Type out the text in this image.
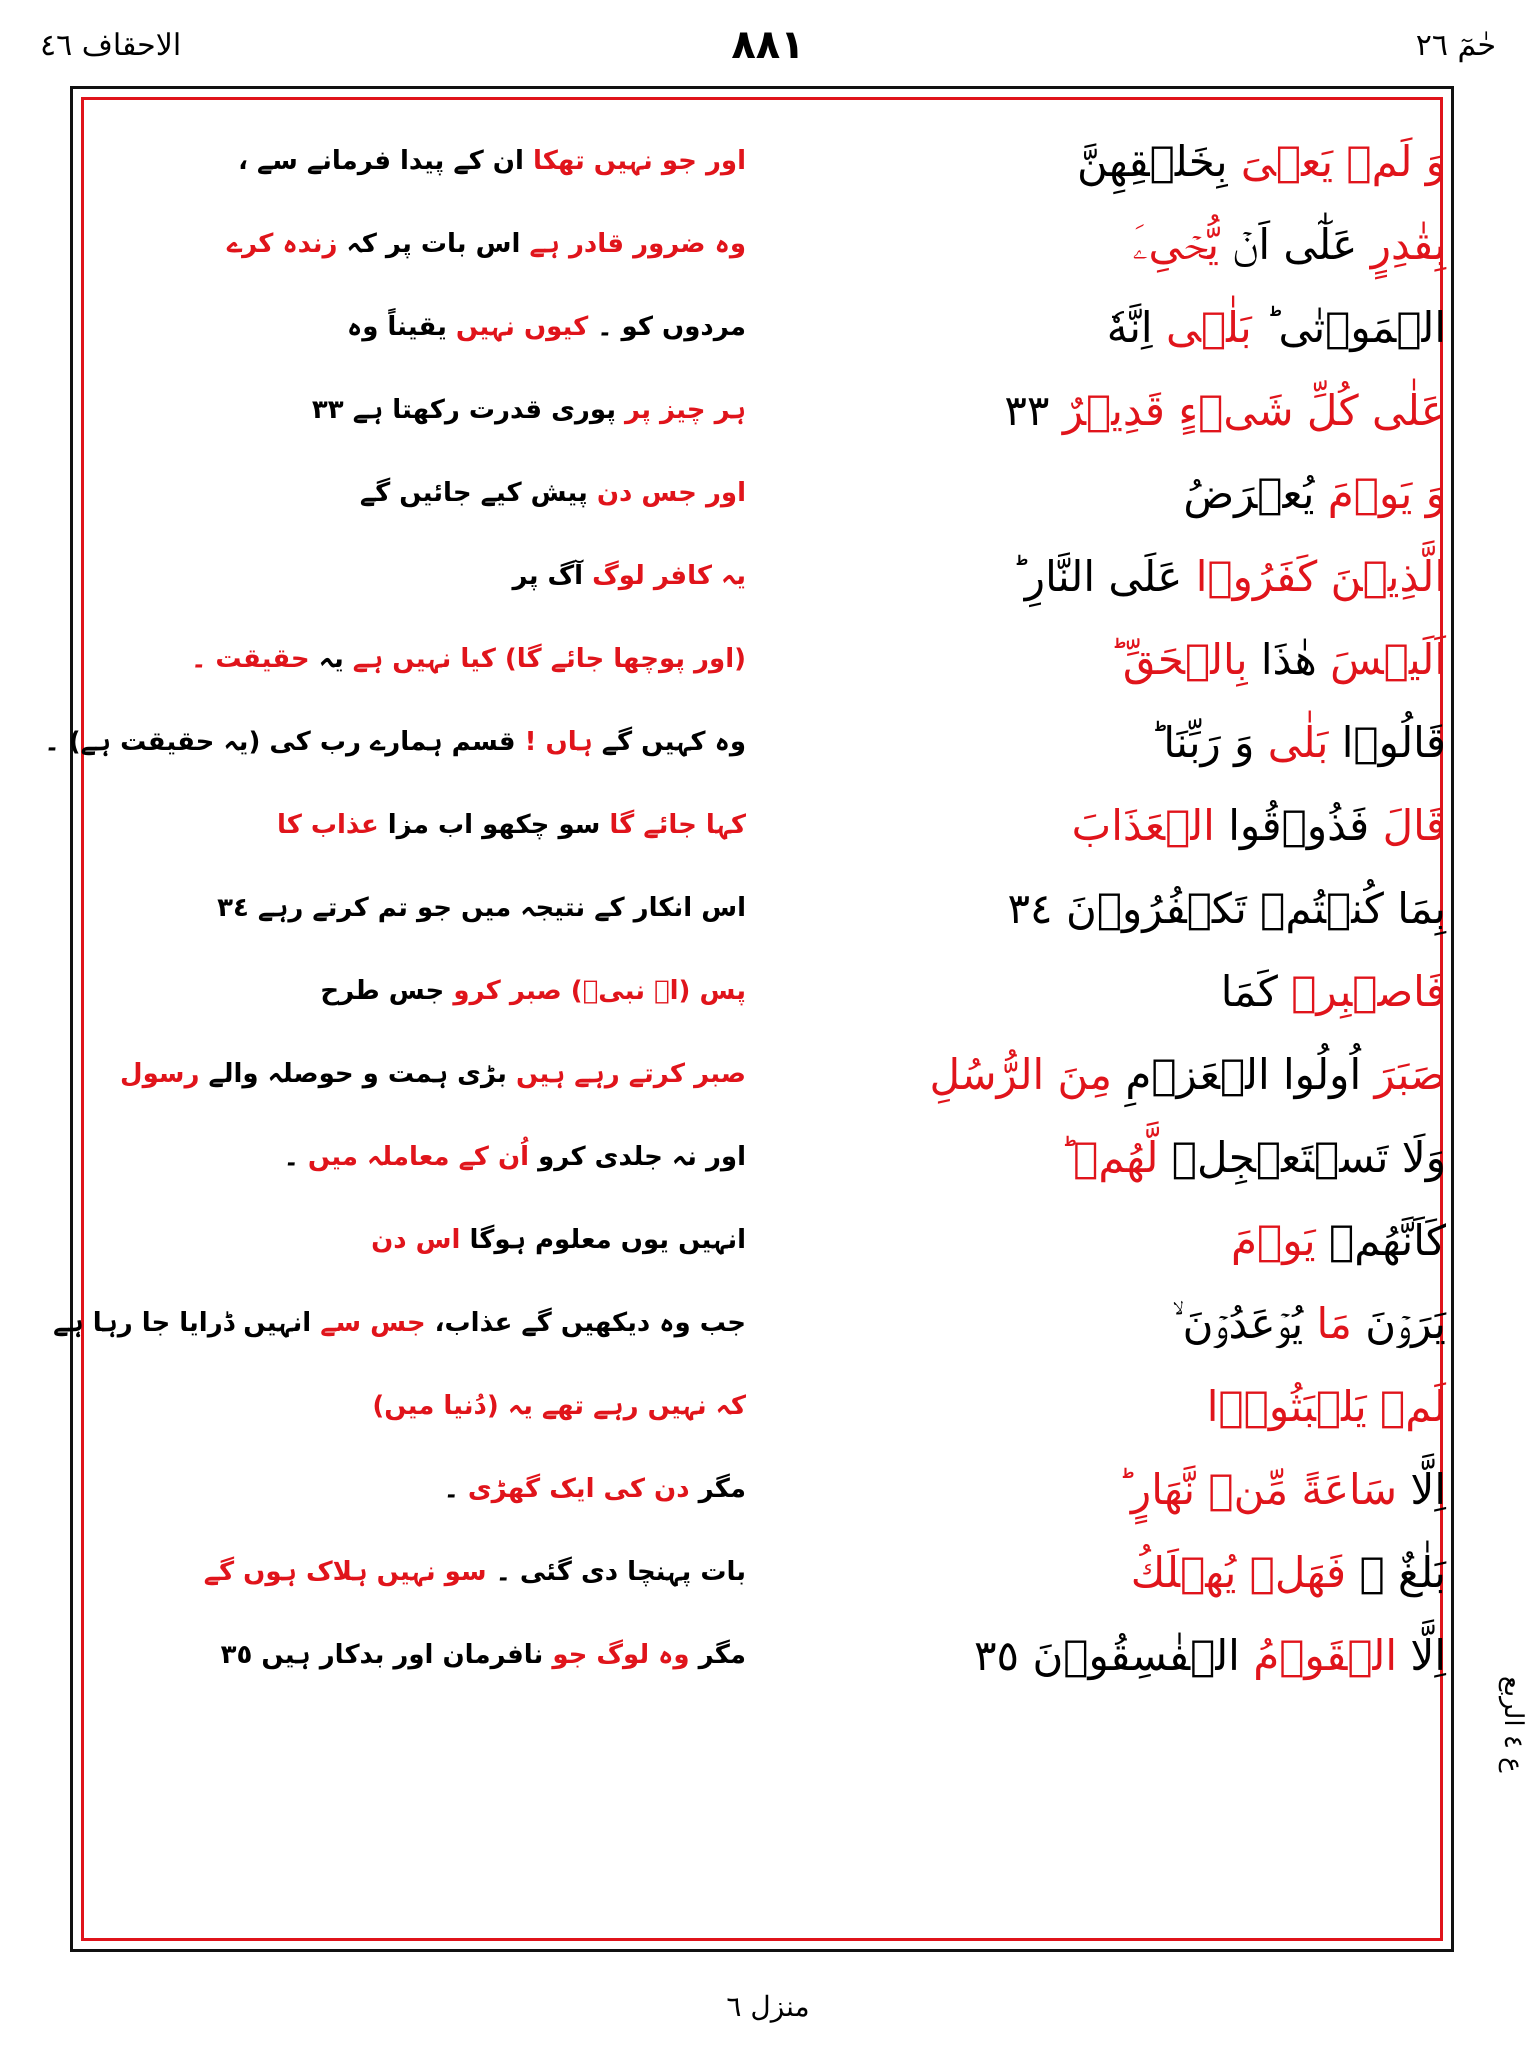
حٰمٓ ٢٦
٨٨١
الاحقاف ٤٦
وَ لَمۡ يَعۡیَ بِخَلۡقِهِنَّ
اور جو نہیں تھکا ان کے پیدا فرمانے سے ،
بِقٰدِرٍ عَلٰٓی اَنۡ يُّحۡیِۦَ
وہ ضرور قادر ہے اس بات پر کہ زندہ کرے
الۡمَوۡتٰی ؕ بَلٰۤی اِنَّهٗ
مردوں کو ۔ کیوں نہیں یقیناً وہ
عَلٰی كُلِّ شَیۡءٍ قَدِیۡرٌ ٣٣
ہر چیز پر پوری قدرت رکھتا ہے ٣٣
وَ يَوۡمَ يُعۡرَضُ
اور جس دن پیش کیے جائیں گے
الَّذِیۡنَ كَفَرُوۡا عَلَی النَّارِ ؕ
یہ کافر لوگ آگ پر
اَلَیۡسَ هٰذَا بِالۡحَقِّ
(اور پوچھا جائے گا) کیا نہیں ہے یہ حقیقت ۔
قَالُوۡا بَلٰی وَ رَبِّنَا ؕ
وہ کہیں گے ہاں ! قسم ہمارے رب کی (یہ حقیقت ہے) ۔
قَالَ فَذُوۡقُوا الۡعَذَابَ
کہا جائے گا سو چکھو اب مزا عذاب کا
بِمَا كُنۡتُمۡ تَكۡفُرُوۡنَ ٣٤
اس انکار کے نتیجہ میں جو تم کرتے رہے ٣٤
فَاصۡبِرۡ كَمَا
پس (اے نبیؐ) صبر کرو جس طرح
صَبَرَ اُولُوا الۡعَزۡمِ مِنَ الرُّسُلِ
صبر کرتے رہے ہیں بڑی ہمت و حوصلہ والے رسول
وَلَا تَسۡتَعۡجِلۡ لَّهُمۡ ؕ
اور نہ جلدی کرو اُن کے معاملہ میں ۔
كَاَنَّهُمۡ يَوۡمَ
انہیں یوں معلوم ہوگا اس دن
يَرَوۡنَ مَا يُوۡعَدُوۡنَ ۙ
جب وہ دیکھیں گے عذاب، جس سے انہیں ڈرایا جا رہا ہے
لَمۡ يَلۡبَثُوۡۤا
کہ نہیں رہے تھے یہ (دُنیا میں)
اِلَّا سَاعَةً مِّنۡ نَّهَارٍ
مگر دن کی ایک گھڑی ۔
بَلٰغٌ ۚ فَهَلۡ يُهۡلَكُ
بات پہنچا دی گئی ۔ سو نہیں ہلاک ہوں گے
اِلَّا الۡقَوۡمُ الۡفٰسِقُوۡنَ ٣٥
مگر وہ لوگ جو نافرمان اور بدکار ہیں ٣٥
ع ٤ الربع
منزل ٦
